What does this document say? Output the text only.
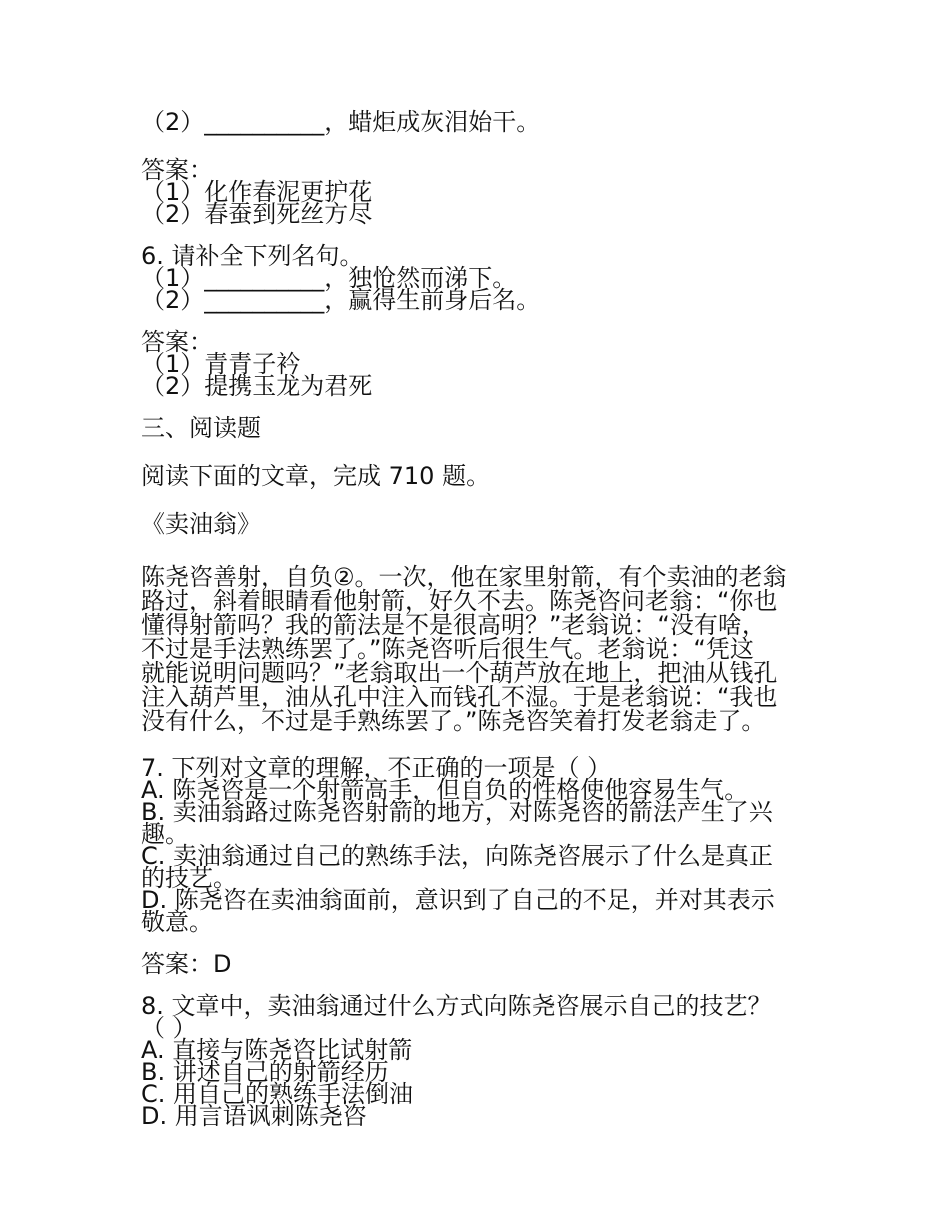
（2）__________，蜡炬成灰泪始干。
答案：
（1）化作春泥更护花
（2）春蚕到死丝方尽
6. 请补全下列名句。
（1）__________，独怆然而涕下。
（2）__________，赢得生前身后名。
答案：
（1）青青子衿
（2）提携玉龙为君死
三、阅读题
阅读下面的文章，完成 710 题。
《卖油翁》
陈尧咨善射，自负②。一次，他在家里射箭，有个卖油的老翁
路过，斜着眼睛看他射箭，好久不去。陈尧咨问老翁：“你也
懂得射箭吗？我的箭法是不是很高明？”老翁说：“没有啥，
不过是手法熟练罢了。”陈尧咨听后很生气。老翁说：“凭这
就能说明问题吗？”老翁取出一个葫芦放在地上，把油从钱孔
注入葫芦里，油从孔中注入而钱孔不湿。于是老翁说：“我也
没有什么，不过是手熟练罢了。”陈尧咨笑着打发老翁走了。
7. 下列对文章的理解，不正确的一项是（ ）
A. 陈尧咨是一个射箭高手，但自负的性格使他容易生气。
B. 卖油翁路过陈尧咨射箭的地方，对陈尧咨的箭法产生了兴
趣。
C. 卖油翁通过自己的熟练手法，向陈尧咨展示了什么是真正
的技艺。
D. 陈尧咨在卖油翁面前，意识到了自己的不足，并对其表示
敬意。
答案：D
8. 文章中，卖油翁通过什么方式向陈尧咨展示自己的技艺？
（ ）
A. 直接与陈尧咨比试射箭
B. 讲述自己的射箭经历
C. 用自己的熟练手法倒油
D. 用言语讽刺陈尧咨
